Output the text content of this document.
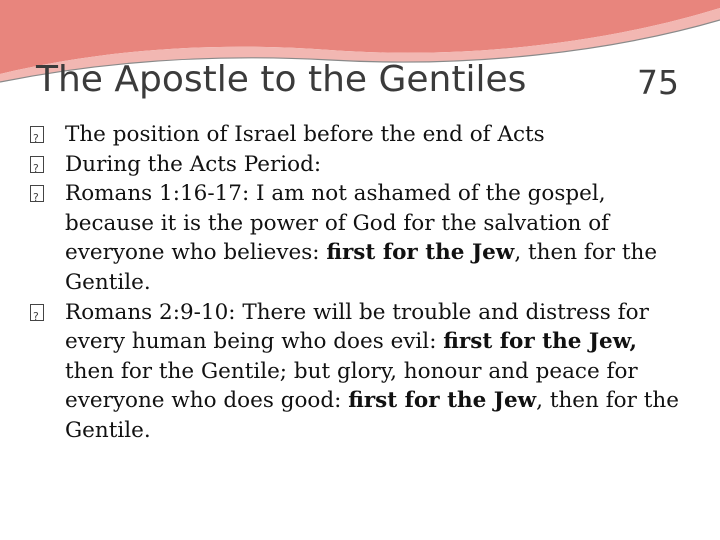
The Apostle to the Gentiles	75
?
The position of Israel before the end of Acts
?
During the Acts Period:
?
Romans 1:16-17: I am not ashamed of the gospel, because it is the power of God for the salvation of everyone who believes: first for the Jew, then for the Gentile.
?
Romans 2:9-10: There will be trouble and distress for every human being who does evil: first for the Jew, then for the Gentile; but glory, honour and peace for everyone who does good: first for the Jew, then for the Gentile.
